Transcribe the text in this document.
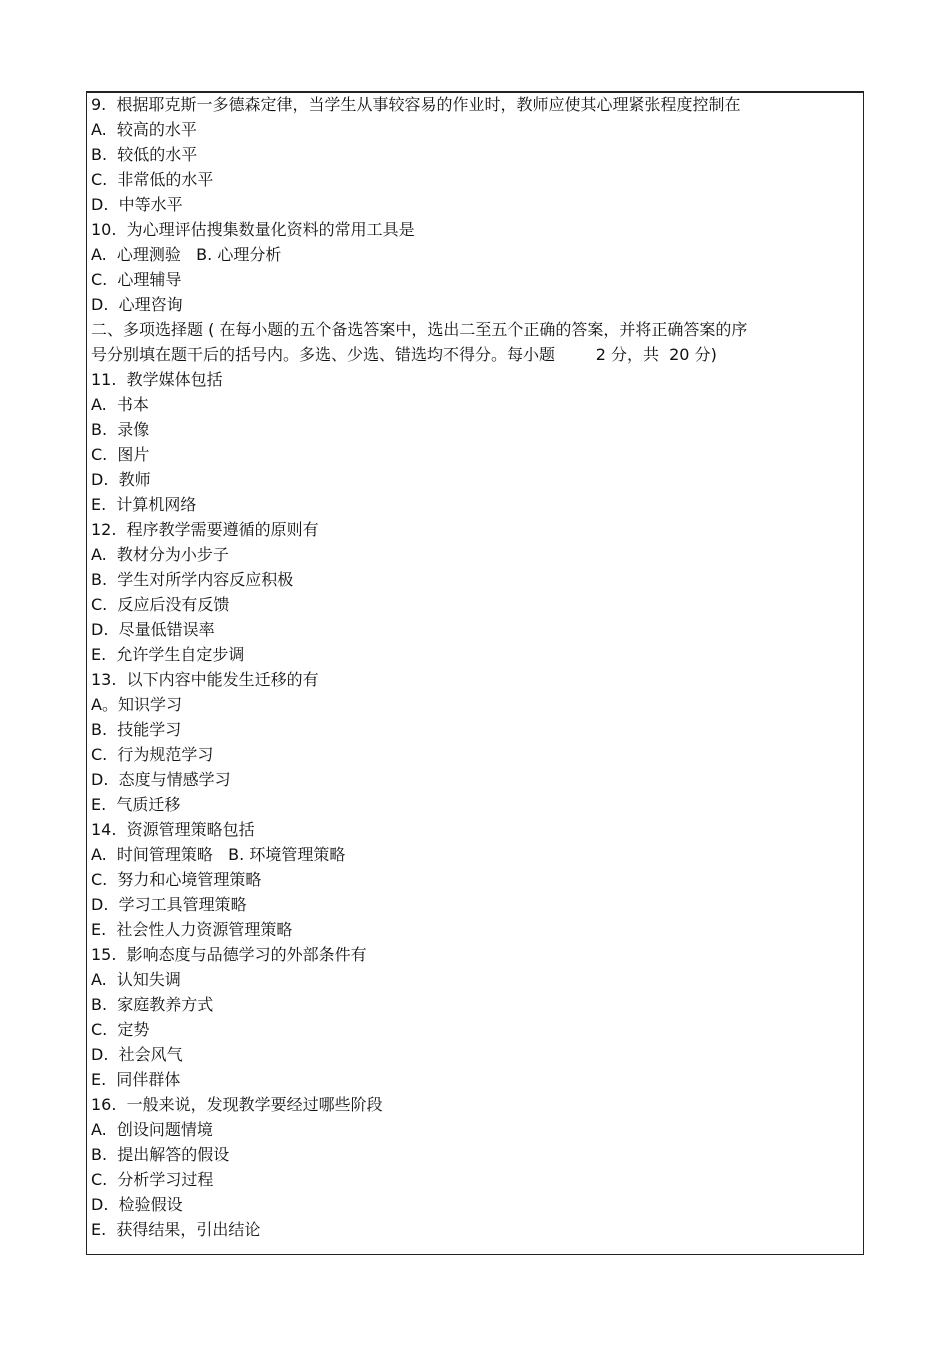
9.  根据耶克斯一多德森定律，当学生从事较容易的作业时，教师应使其心理紧张程度控制在
A.  较高的水平
B.  较低的水平
C.  非常低的水平
D.  中等水平
10.  为心理评估搜集数量化资料的常用工具是
A.  心理测验   B. 心理分析
C.  心理辅导
D.  心理咨询
二、多项选择题 ( 在每小题的五个备选答案中，选出二至五个正确的答案，并将正确答案的序
号分别填在题干后的括号内。多选、少选、错选均不得分。每小题        2 分，共  20 分)
11.  教学媒体包括
A.  书本
B.  录像
C.  图片
D.  教师
E.  计算机网络
12.  程序教学需要遵循的原则有
A.  教材分为小步子
B.  学生对所学内容反应积极
C.  反应后没有反馈
D.  尽量低错误率
E.  允许学生自定步调
13.  以下内容中能发生迁移的有
A。知识学习
B.  技能学习
C.  行为规范学习
D.  态度与情感学习
E.  气质迁移
14.  资源管理策略包括
A.  时间管理策略   B. 环境管理策略
C.  努力和心境管理策略
D.  学习工具管理策略
E.  社会性人力资源管理策略
15.  影响态度与品德学习的外部条件有
A.  认知失调
B.  家庭教养方式
C.  定势
D.  社会风气
E.  同伴群体
16.  一般来说，发现教学要经过哪些阶段
A.  创设问题情境
B.  提出解答的假设
C.  分析学习过程
D.  检验假设
E.  获得结果，引出结论
